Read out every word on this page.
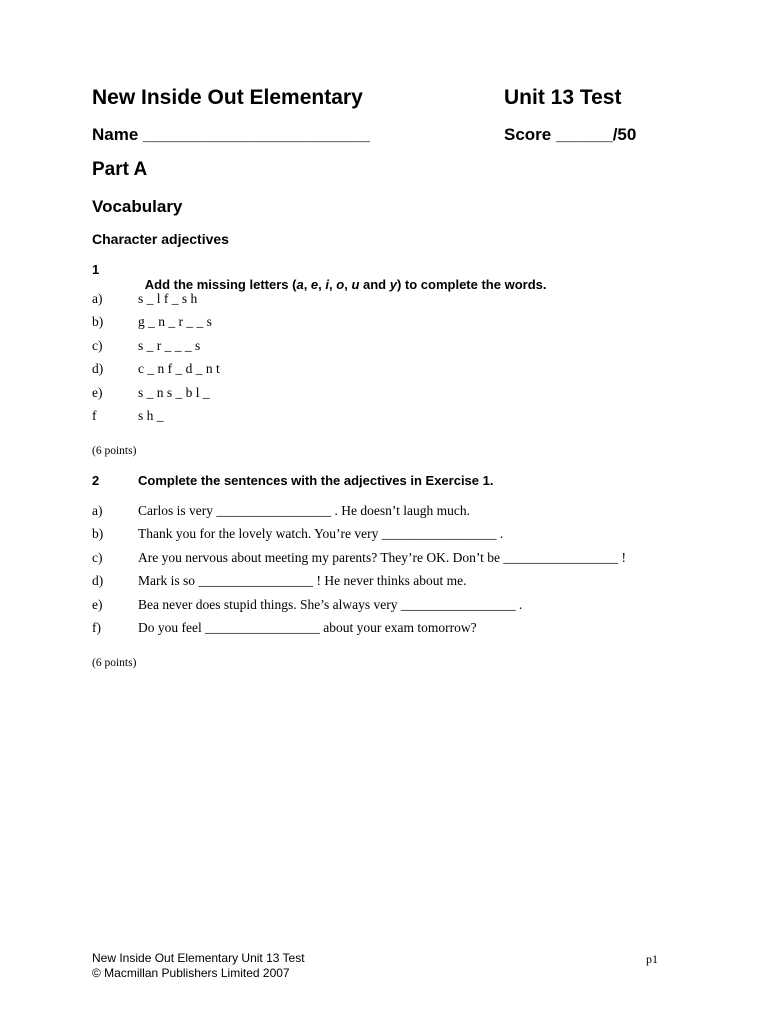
New Inside Out Elementary	Unit 13 Test
Name ________________________	Score ______/50
Part A
Vocabulary
Character adjectives
1

Add the missing letters (a, e, i, o, u and y) to complete the words.

a)	s _ l f _ s h
b)	g _ n _ r _ _ s
c)	s _ r _ _ _ s
d)	c _ n f _ d _ n t
e)	s _ n s _ b l _
f	s h _
(6 points)
2	Complete the sentences with the adjectives in Exercise 1.
a)	Carlos is very _________________ . He doesn’t laugh much.
b)	Thank you for the lovely watch. You’re very _________________ .
c)	Are you nervous about meeting my parents? They’re OK. Don’t be _________________ !
d)	Mark is so _________________ ! He never thinks about me.
e)	Bea never does stupid things. She’s always very _________________ .
f)	Do you feel _________________ about your exam tomorrow?
(6 points)
New Inside Out Elementary Unit 13 Test
© Macmillan Publishers Limited 2007
p1
